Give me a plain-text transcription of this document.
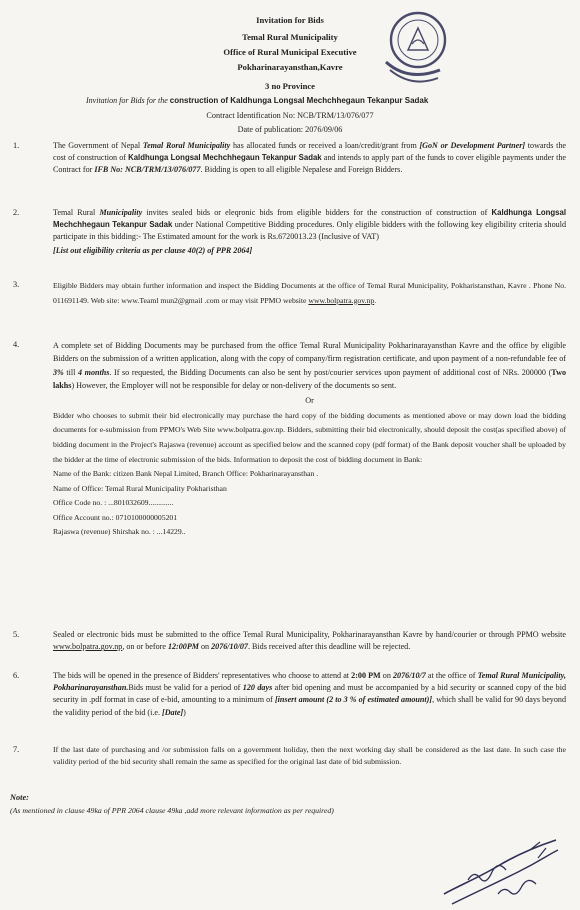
Invitation for Bids
Temal Rural Municipality
Office of Rural Municipal Executive
Pokharinarayansthan,Kavre
3 no Province
Invitation for Bids for the construction of Kaldhunga Longsal Mechchhegaun Tekanpur Sadak
Contract Identification No: NCB/TRM/13/076/077
Date of publication: 2076/09/06
1.	The Government of Nepal Temal Roral Municipality has allocated funds or received a loan/credit/grant from [GoN or Development Partner] towards the cost of construction of Kaldhunga Longsal Mechchhegaun Tekanpur Sadak and intends to apply part of the funds to cover eligible payments under the Contract for IFB No: NCB/TRM/13/076/077. Bidding is open to all eligible Nepalese and Foreign Bidders.

2.	Temal Rural Municipality invites sealed bids or eleqronic bids from eligible bidders for the construction of construction of Kaldhunga Longsal Mechchhegaun Tekanpur Sadak under National Competitive Bidding procedures. Only eligible bidders with the following key eligibility criteria should participate in this bidding:- The Estimated amount for the work is Rs.6720013.23 (Inclusive of VAT)

[List out eligibility criteria as per clause 40(2) of PPR 2064]

3.	Eligible Bidders may obtain further information and inspect the Bidding Documents at the office of Temal Rural Municipality, Pokharistansthan, Kavre . Phone No. 011691149. Web site: www.Teaml mun2@gmail .com or may visit PPMO website www.bolpatra.gov.np.

4.	A complete set of Bidding Documents may be purchased from the office Temal Rural Municipality Pokharinarayansthan Kavre and the office by eligible Bidders on the submission of a written application, along with the copy of company/firm registration certificate, and upon payment of a non-refundable fee of 3% till 4 months. If so requested, the Bidding Documents can also be sent by post/courier services upon payment of additional cost of NRs. 200000 (Two lakhs) However, the Employer will not be responsible for delay or non-delivery of the documents so sent.

Or

Bidder who chooses to submit their bid electronically may purchase the hard copy of the bidding documents as mentioned above or may down load the bidding documents for e-submission from PPMO's Web Site www.bolpatra.gov.np. Bidders, submitting their bid electronically, should deposit the cost(as specified above) of bidding document in the Project's Rajaswa (revenue) account as specified below and the scanned copy (pdf format) of the Bank deposit voucher shall be uploaded by the bidder at the time of electronic submission of the bids. Information to deposit the cost of bidding document in Bank:

Name of the Bank: citizen Bank Nepal Limited, Branch Office: Pokharinarayansthan .
Name of Office: Temal Rural Municipality Pokharisthan
Office Code no. : ...801032609.............
Office Account no.: 0710100000005201
Rajaswa (revenue) Shirshak no. : ...14229..
5.	Sealed or electronic bids must be submitted to the office Temal Rural Municipality, Pokharinarayansthan Kavre by hand/courier or through PPMO website www.bolpatra.gov.np, on or before 12:00PM on 2076/10/07. Bids received after this deadline will be rejected.

6.	The bids will be opened in the presence of Bidders' representatives who choose to attend at 2:00 PM on 2076/10/7 at the office of Temal Rural Municipality, Pokharinarayansthan.Bids must be valid for a period of 120 days after bid opening and must be accompanied by a bid security or scanned copy of the bid security in .pdf format in case of e-bid, amounting to a minimum of [insert amount (2 to 3 % of estimated amount)], which shall be valid for 90 days beyond the validity period of the bid (i.e. [Date])

7.	If the last date of purchasing and /or submission falls on a government holiday, then the next working day shall be considered as the last date. In such case the validity period of the bid security shall remain the same as specified for the original last date of bid submission.
Note:
(As mentioned in clause 49ka of PPR 2064 clause 49ka ,add more relevant information as per required)
